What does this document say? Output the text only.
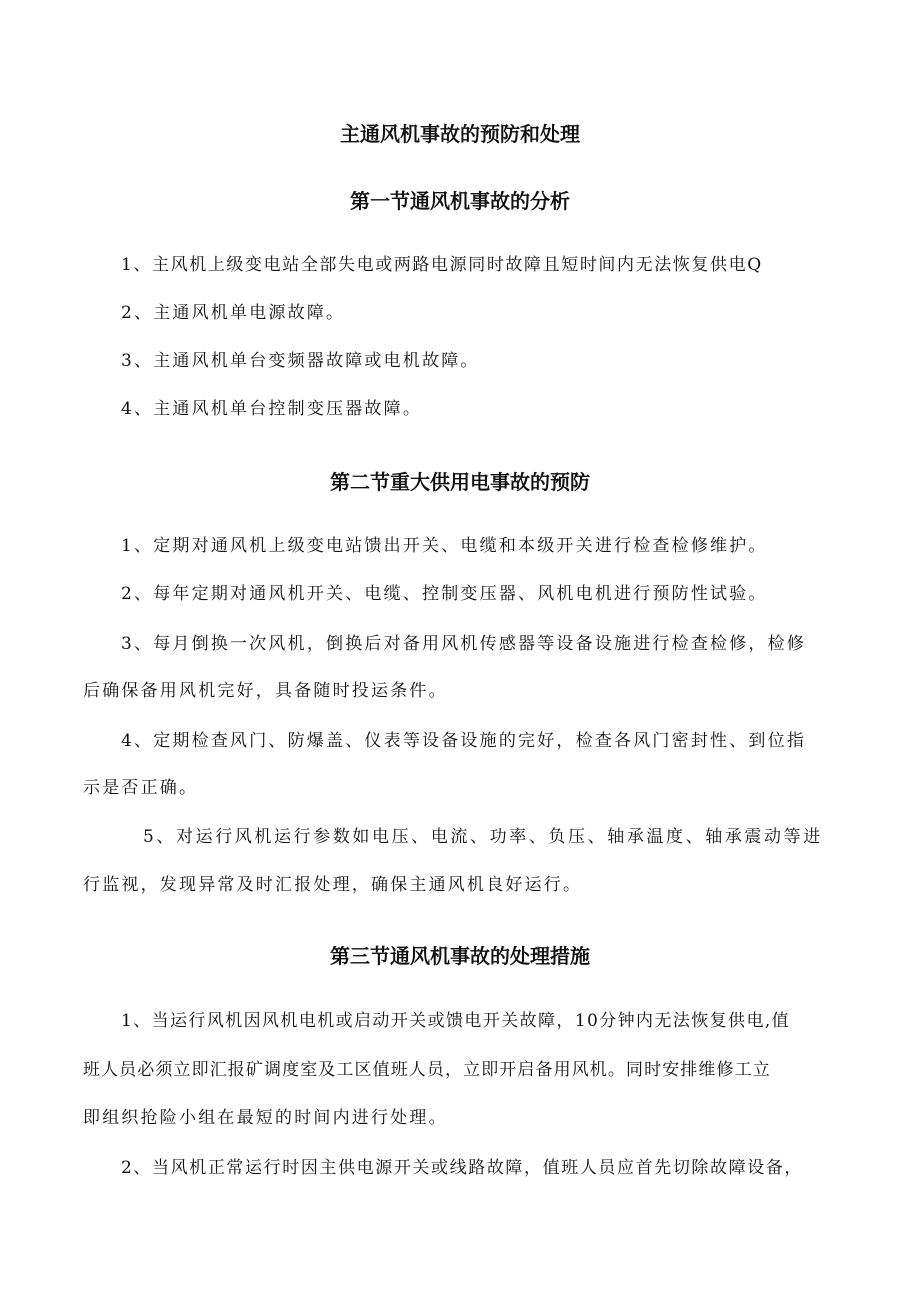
主通风机事故的预防和处理
第一节通风机事故的分析

1、主风机上级变电站全部失电或两路电源同时故障且短时间内无法恢复供电Q

2、主通风机单电源故障。

3、主通风机单台变频器故障或电机故障。

4、主通风机单台控制变压器故障。

第二节重大供用电事故的预防

1、定期对通风机上级变电站馈出开关、电缆和本级开关进行检查检修维护。

2、每年定期对通风机开关、电缆、控制变压器、风机电机进行预防性试验。

3、每月倒换一次风机，倒换后对备用风机传感器等设备设施进行检查检修，检修

后确保备用风机完好，具备随时投运条件。

4、定期检查风门、防爆盖、仪表等设备设施的完好，检查各风门密封性、到位指

示是否正确。

5、对运行风机运行参数如电压、电流、功率、负压、轴承温度、轴承震动等进

行监视，发现异常及时汇报处理，确保主通风机良好运行。

第三节通风机事故的处理措施

1、当运行风机因风机电机或启动开关或馈电开关故障，10分钟内无法恢复供电,值

班人员必须立即汇报矿调度室及工区值班人员，立即开启备用风机。同时安排维修工立

即组织抢险小组在最短的时间内进行处理。

2、当风机正常运行时因主供电源开关或线路故障，值班人员应首先切除故障设备，
